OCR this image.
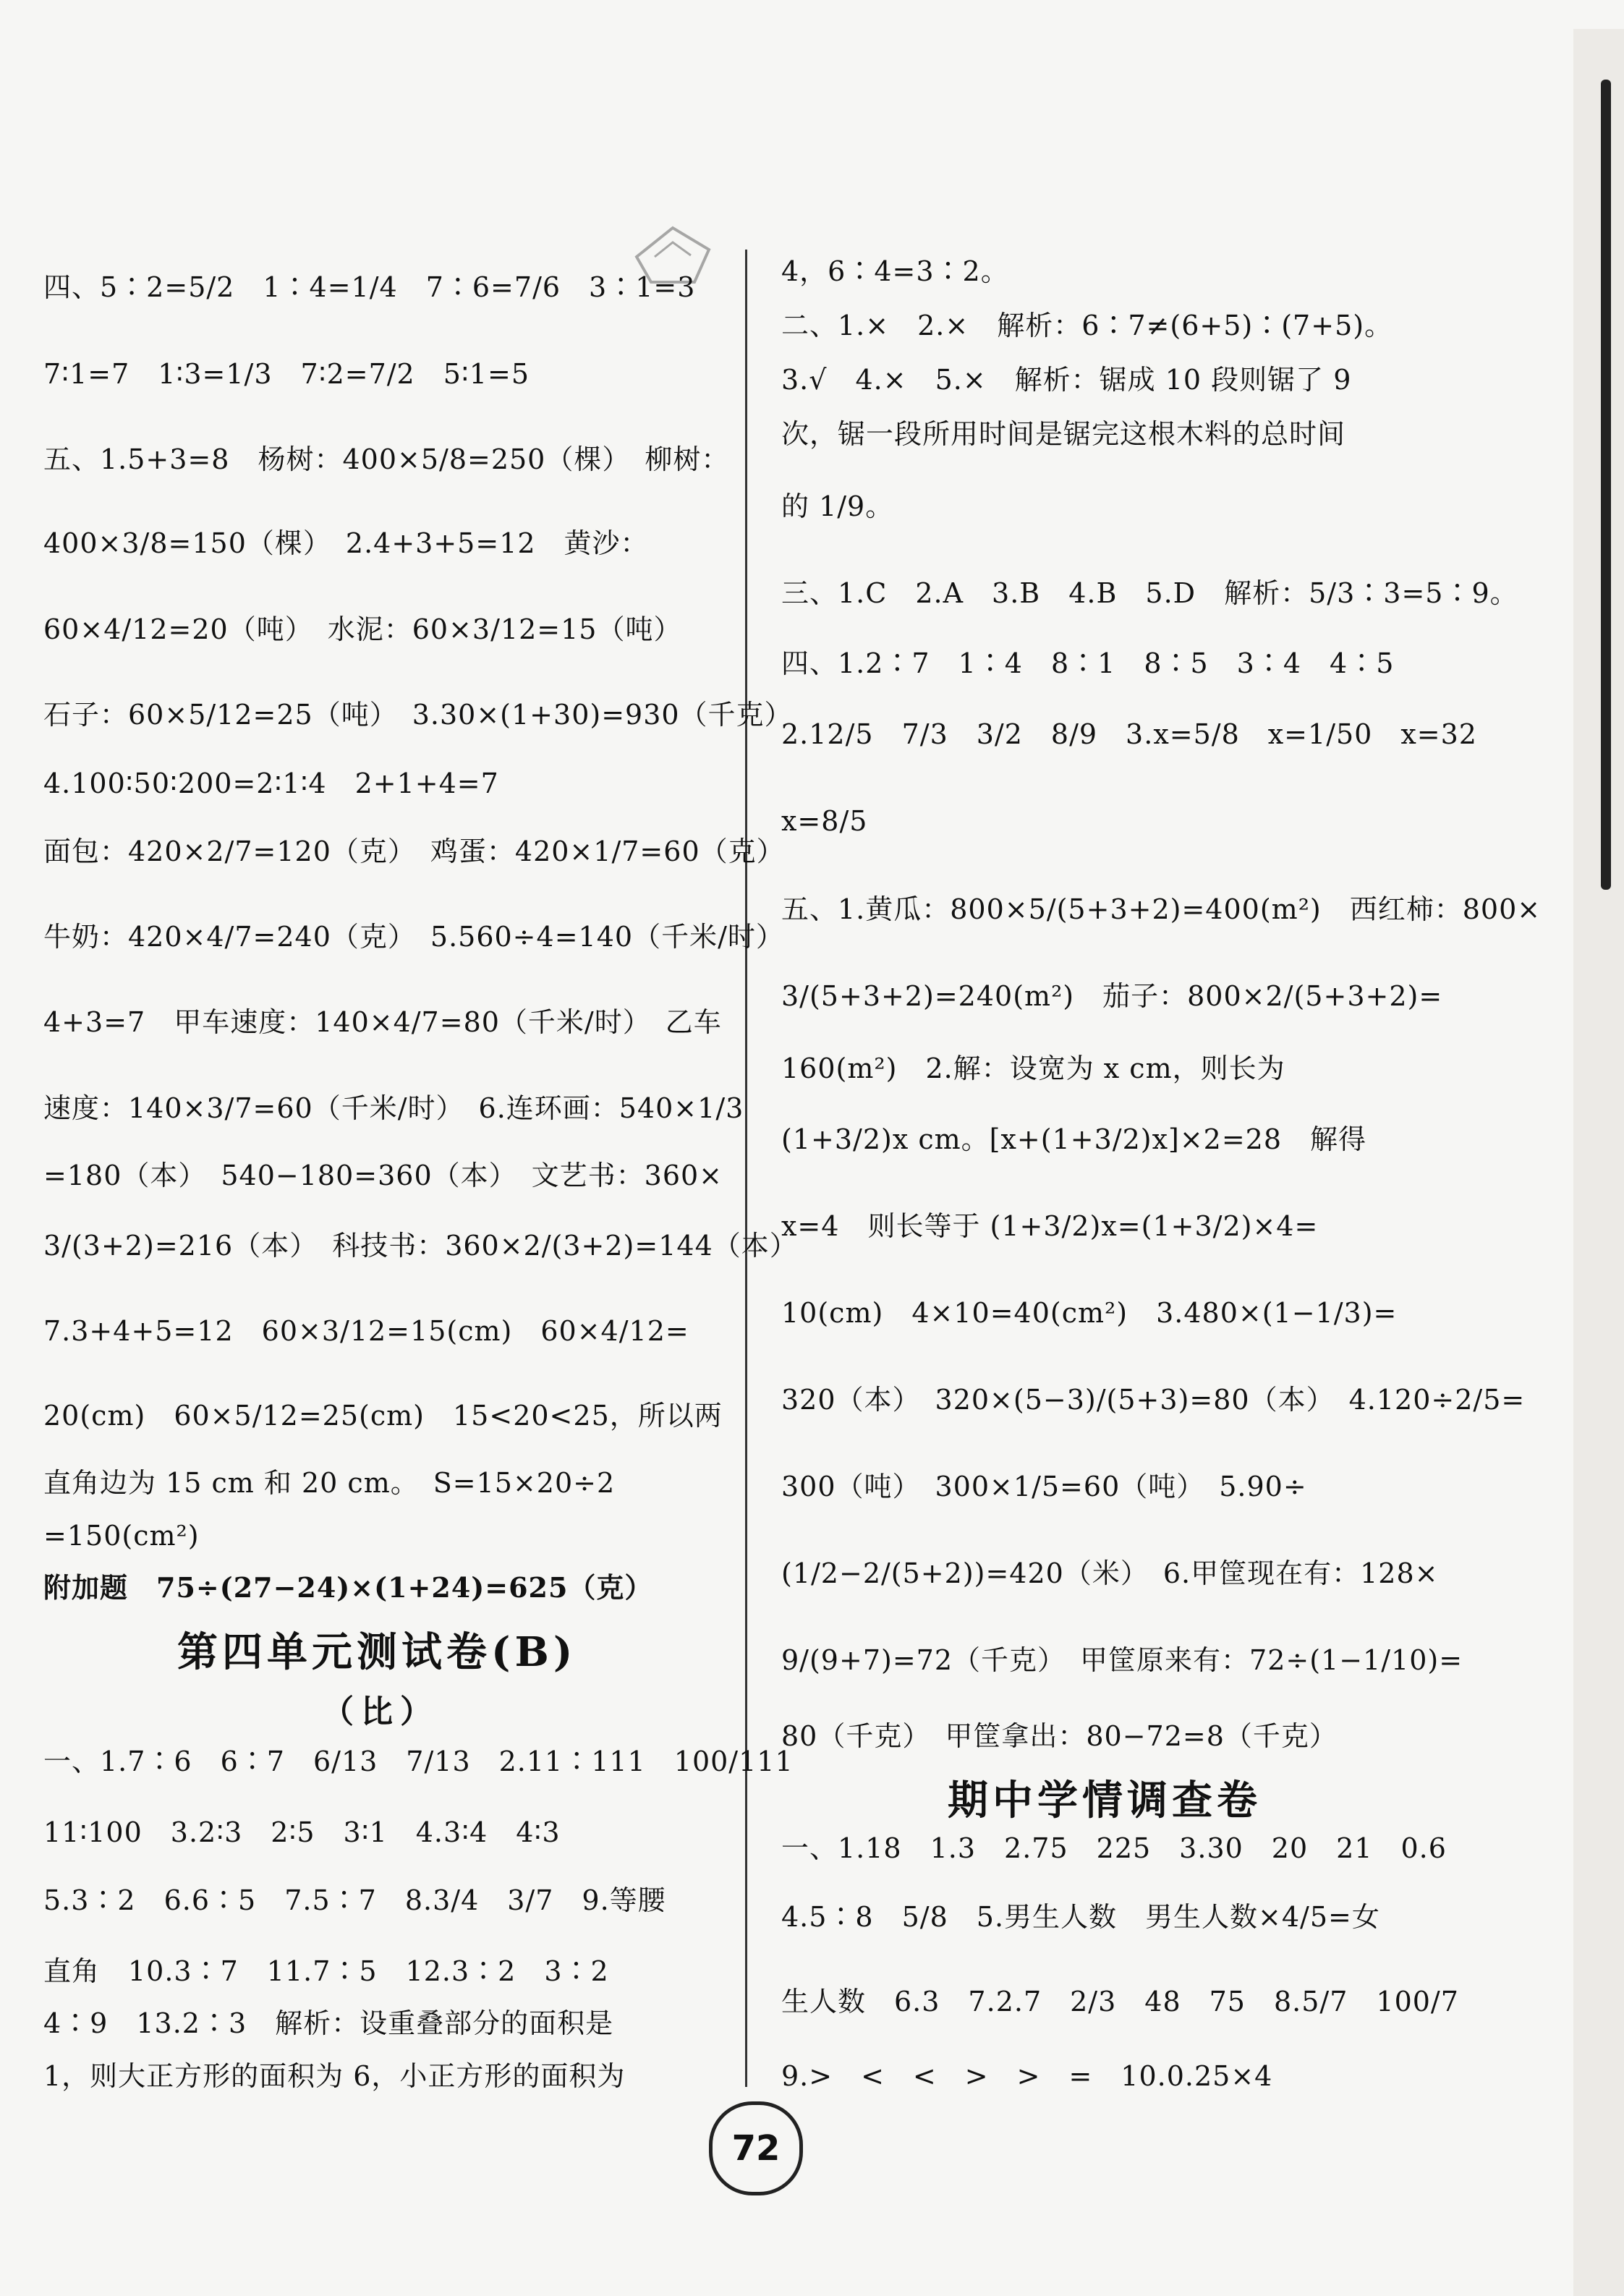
四、5∶2=5/2　1∶4=1/4　7∶6=7/6　3∶1=3
7∶1=7　1∶3=1/3　7∶2=7/2　5∶1=5
五、1.5+3=8　杨树：400×5/8=250（棵）　柳树：
400×3/8=150（棵）　2.4+3+5=12　黄沙：
60×4/12=20（吨）　水泥：60×3/12=15（吨）
石子：60×5/12=25（吨）　3.30×(1+30)=930（千克）
4.100∶50∶200=2∶1∶4　2+1+4=7
面包：420×2/7=120（克）　鸡蛋：420×1/7=60（克）
牛奶：420×4/7=240（克）　5.560÷4=140（千米/时）
4+3=7　甲车速度：140×4/7=80（千米/时）　乙车
速度：140×3/7=60（千米/时）　6.连环画：540×1/3
=180（本）　540−180=360（本）　文艺书：360×
3/(3+2)=216（本）　科技书：360×2/(3+2)=144（本）
7.3+4+5=12　60×3/12=15(cm)　60×4/12=
20(cm)　60×5/12=25(cm)　15<20<25，所以两
直角边为 15 cm 和 20 cm。　S=15×20÷2
=150(cm²)
附加题　75÷(27−24)×(1+24)=625（克）
第四单元测试卷(B)
（比）
一、1.7∶6　6∶7　6/13　7/13　2.11∶111　100/111
11∶100　3.2∶3　2∶5　3∶1　4.3∶4　4∶3
5.3∶2　6.6∶5　7.5∶7　8.3/4　3/7　9.等腰
直角　10.3∶7　11.7∶5　12.3∶2　3∶2
4∶9　13.2∶3　解析：设重叠部分的面积是
1，则大正方形的面积为 6，小正方形的面积为
4，6∶4=3∶2。
二、1.×　2.×　解析：6∶7≠(6+5)∶(7+5)。
3.√　4.×　5.×　解析：锯成 10 段则锯了 9
次，锯一段所用时间是锯完这根木料的总时间
的 1/9。
三、1.C　2.A　3.B　4.B　5.D　解析：5/3∶3=5∶9。
四、1.2∶7　1∶4　8∶1　8∶5　3∶4　4∶5
2.12/5　7/3　3/2　8/9　3.x=5/8　x=1/50　x=32
x=8/5
五、1.黄瓜：800×5/(5+3+2)=400(m²)　西红柿：800×
3/(5+3+2)=240(m²)　茄子：800×2/(5+3+2)=
160(m²)　2.解：设宽为 x cm，则长为
(1+3/2)x cm。[x+(1+3/2)x]×2=28　解得
x=4　则长等于 (1+3/2)x=(1+3/2)×4=
10(cm)　4×10=40(cm²)　3.480×(1−1/3)=
320（本）　320×(5−3)/(5+3)=80（本）　4.120÷2/5=
300（吨）　300×1/5=60（吨）　5.90÷
(1/2−2/(5+2))=420（米）　6.甲筐现在有：128×
9/(9+7)=72（千克）　甲筐原来有：72÷(1−1/10)=
80（千克）　甲筐拿出：80−72=8（千克）
期中学情调查卷
一、1.18　1.3　2.75　225　3.30　20　21　0.6
4.5∶8　5/8　5.男生人数　男生人数×4/5=女
生人数　6.3　7.2.7　2/3　48　75　8.5/7　100/7
9.>　<　<　>　>　=　10.0.25×4
72
